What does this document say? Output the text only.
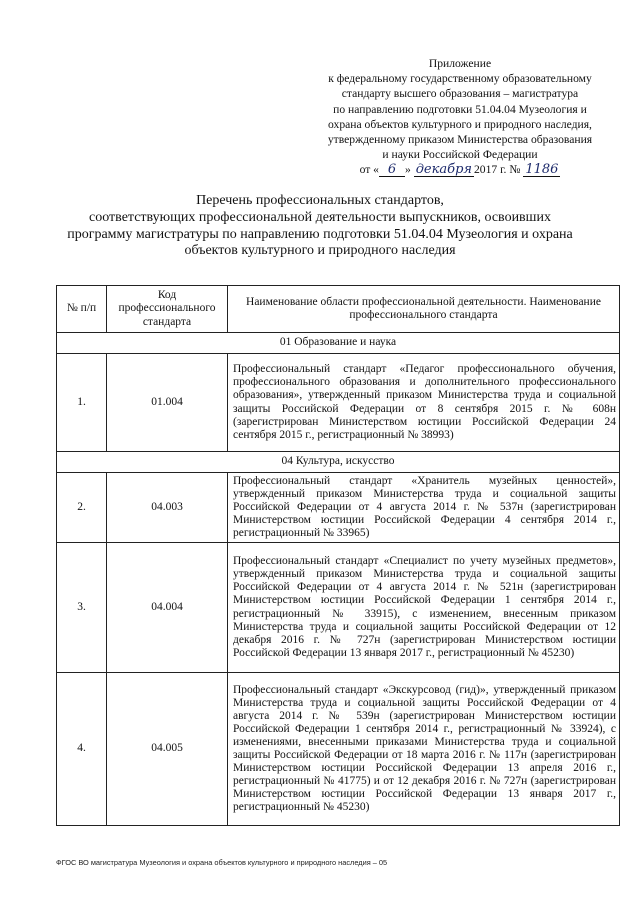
Приложение
к федеральному государственному образовательному
стандарту высшего образования – магистратура
по направлению подготовки 51.04.04 Музеология и
охрана объектов культурного и природного наследия,
утвержденному приказом Министерства образования
и науки Российской Федерации
от « 6 » декабря 2017 г. № 1186
Перечень профессиональных стандартов,
соответствующих профессиональной деятельности выпускников, освоивших
программу магистратуры по направлению подготовки 51.04.04 Музеология и охрана
объектов культурного и природного наследия
№ п/п	Код профессионального стандарта	Наименование области профессиональной деятельности. Наименование профессионального стандарта
01 Образование и наука		
1.	01.004	Профессиональный стандарт «Педагог профессионального обучения, профессионального образования и дополнительного профессионального образования», утвержденный приказом Министерства труда и социальной защиты Российской Федерации от 8 сентября 2015 г. № 608н (зарегистрирован Министерством юстиции Российской Федерации 24 сентября 2015 г., регистрационный № 38993)
04 Культура, искусство		
2.	04.003	Профессиональный стандарт «Хранитель музейных ценностей», утвержденный приказом Министерства труда и социальной защиты Российской Федерации от 4 августа 2014 г. № 537н (зарегистрирован Министерством юстиции Российской Федерации 4 сентября 2014 г., регистрационный № 33965)
3.	04.004	Профессиональный стандарт «Специалист по учету музейных предметов», утвержденный приказом Министерства труда и социальной защиты Российской Федерации от 4 августа 2014 г. № 521н (зарегистрирован Министерством юстиции Российской Федерации 1 сентября 2014 г., регистрационный № 33915), с изменением, внесенным приказом Министерства труда и социальной защиты Российской Федерации от 12 декабря 2016 г. № 727н (зарегистрирован Министерством юстиции Российской Федерации 13 января 2017 г., регистрационный № 45230)
4.	04.005	Профессиональный стандарт «Экскурсовод (гид)», утвержденный приказом Министерства труда и социальной защиты Российской Федерации от 4 августа 2014 г. № 539н (зарегистрирован Министерством юстиции Российской Федерации 1 сентября 2014 г., регистрационный № 33924), с изменениями, внесенными приказами Министерства труда и социальной защиты Российской Федерации от 18 марта 2016 г. № 117н (зарегистрирован Министерством юстиции Российской Федерации 13 апреля 2016 г., регистрационный № 41775) и от 12 декабря 2016 г. № 727н (зарегистрирован Министерством юстиции Российской Федерации 13 января 2017 г., регистрационный № 45230)
ФГОС ВО магистратура Музеология и охрана объектов культурного и природного наследия – 05
